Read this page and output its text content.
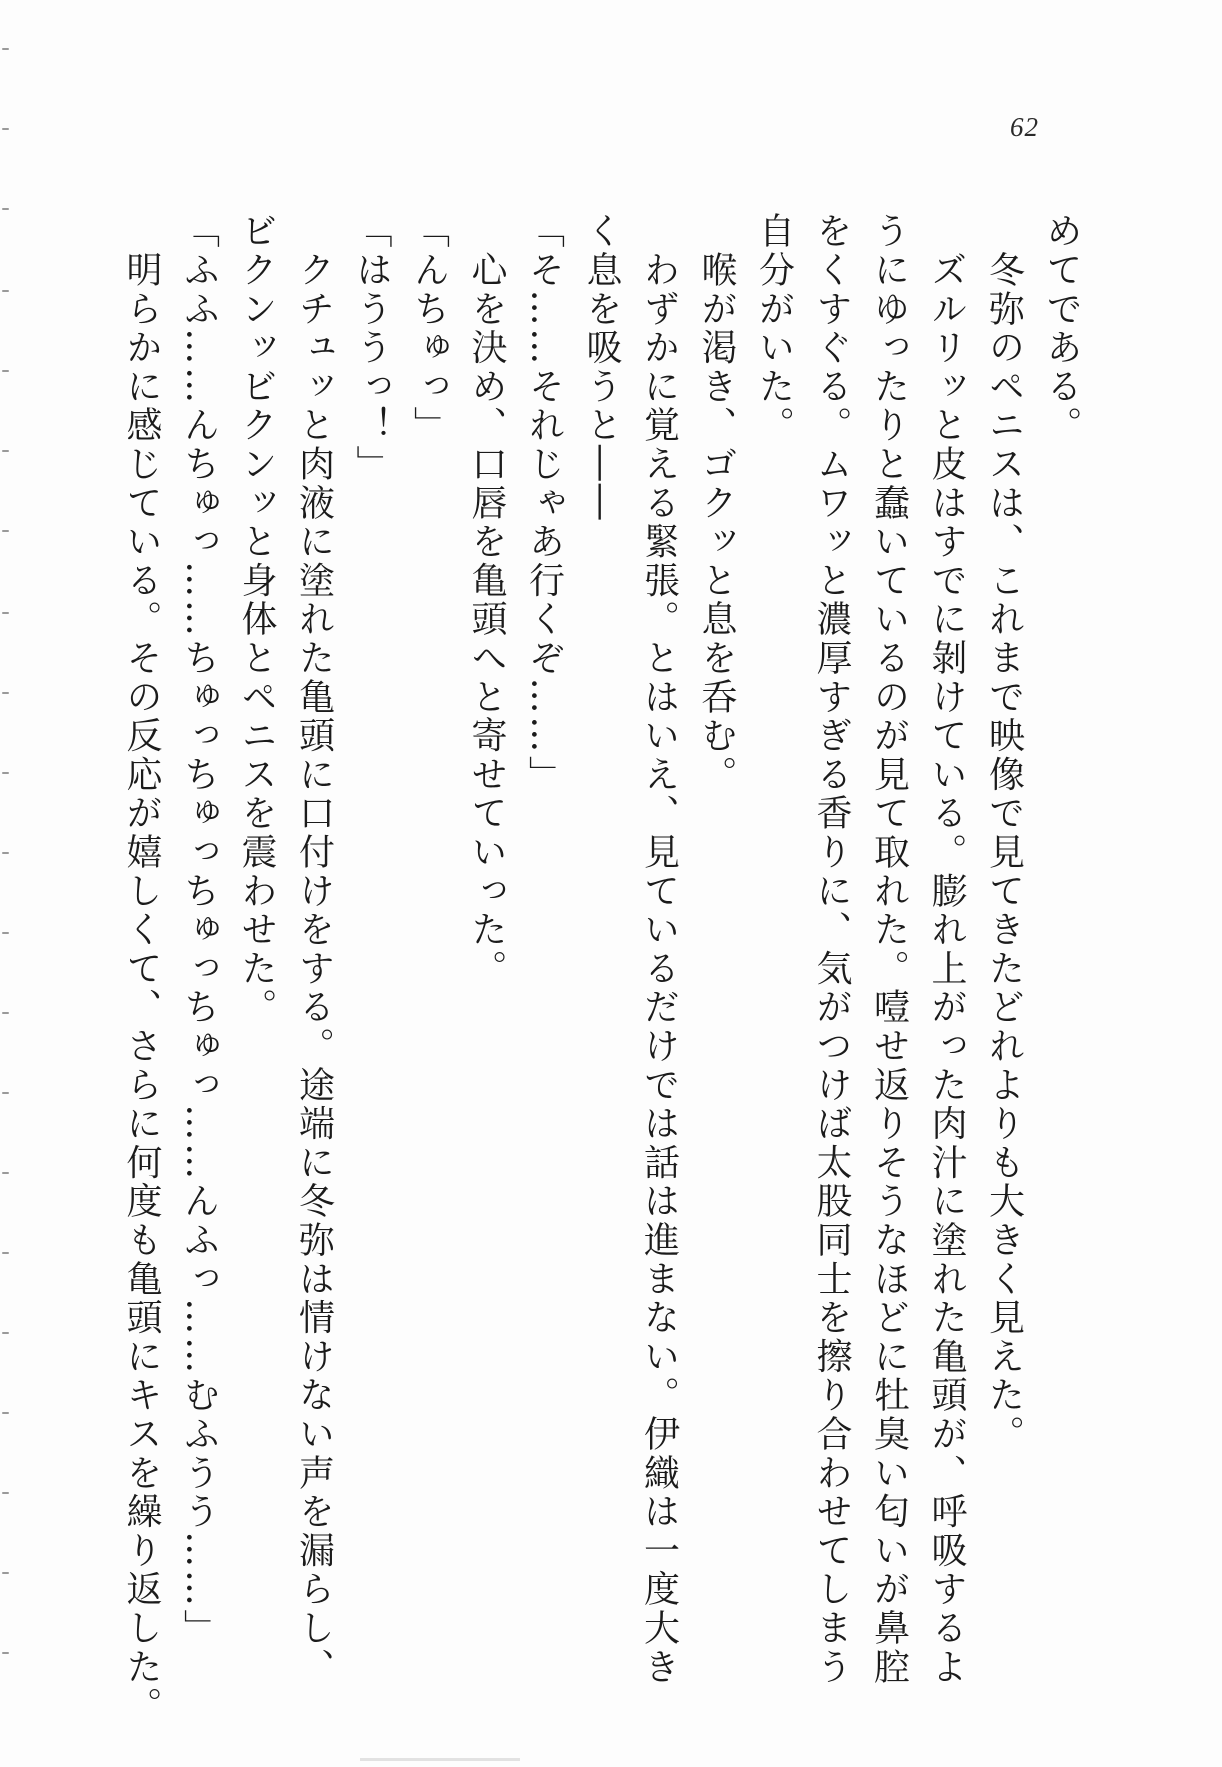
62
めてである。
　冬弥のペニスは、これまで映像で見てきたどれよりも大きく見えた。
　ズルリッと皮はすでに剝けている。膨れ上がった肉汁に塗れた亀頭が、呼吸するよ
うにゆったりと蠢いているのが見て取れた。噎せ返りそうなほどに牡臭い匂いが鼻腔
をくすぐる。ムワッと濃厚すぎる香りに、気がつけば太股同士を擦り合わせてしまう
自分がいた。
　喉が渇き、ゴクッと息を呑む。
　わずかに覚える緊張。とはいえ、見ているだけでは話は進まない。伊織は一度大き
く息を吸うと――
「そ……それじゃあ行くぞ……」
　心を決め、口唇を亀頭へと寄せていった。
「んちゅっ」
「はううっ！」
　クチュッと肉液に塗れた亀頭に口付けをする。途端に冬弥は情けない声を漏らし、
ビクンッビクンッと身体とペニスを震わせた。
「ふふ……んちゅっ……ちゅっちゅっちゅっちゅっ……んふっ……むふうう……」
　明らかに感じている。その反応が嬉しくて、さらに何度も亀頭にキスを繰り返した。
